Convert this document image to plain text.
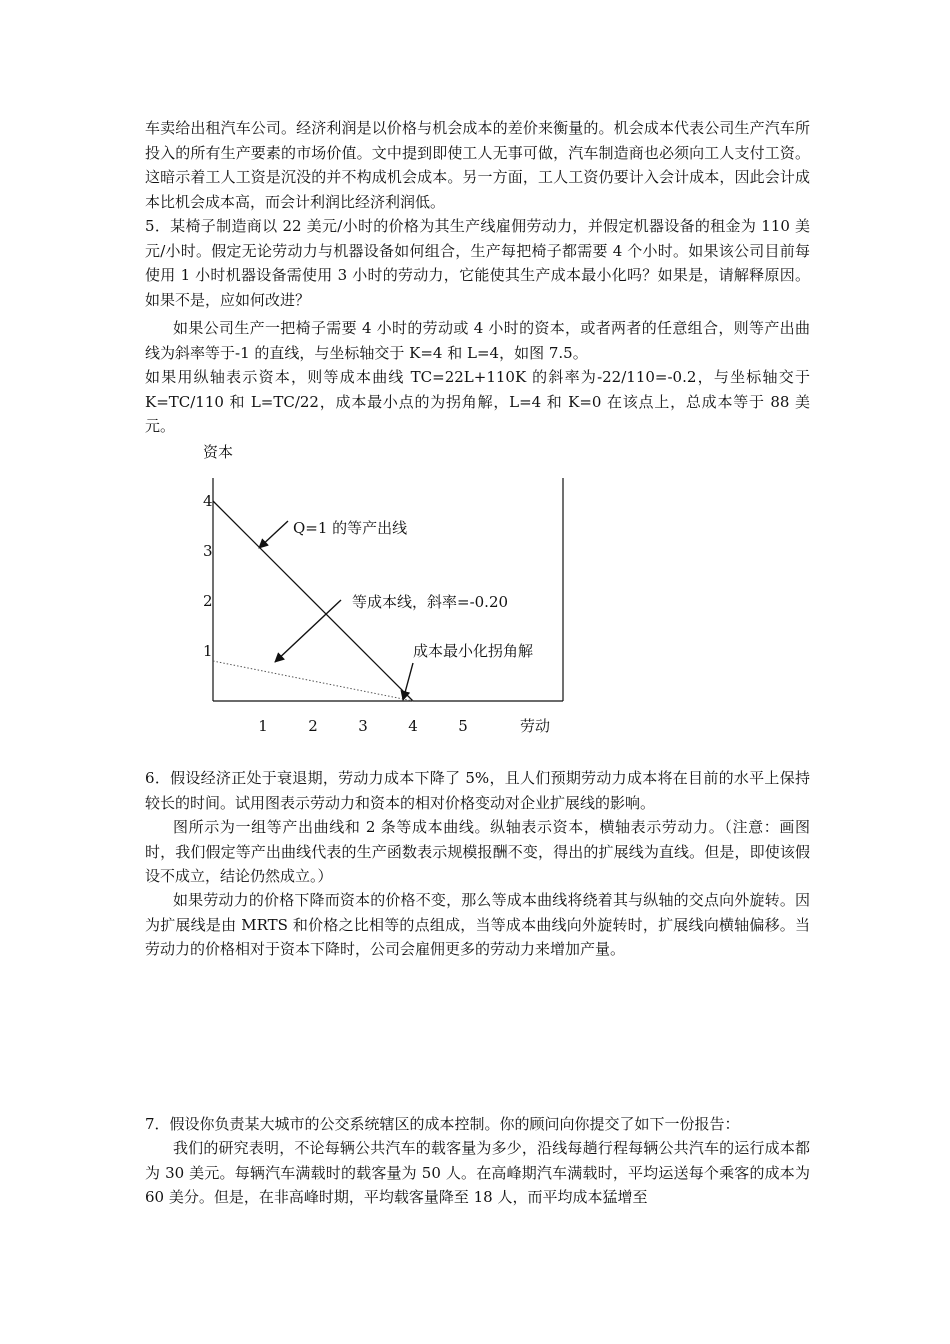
车卖给出租汽车公司。经济利润是以价格与机会成本的差价来衡量的。机会成本代表公司生产汽车所投入的所有生产要素的市场价值。文中提到即使工人无事可做，汽车制造商也必须向工人支付工资。这暗示着工人工资是沉没的并不构成机会成本。另一方面，工人工资仍要计入会计成本，因此会计成本比机会成本高，而会计利润比经济利润低。

5．某椅子制造商以 22 美元/小时的价格为其生产线雇佣劳动力，并假定机器设备的租金为 110 美元/小时。假定无论劳动力与机器设备如何组合，生产每把椅子都需要 4 个小时。如果该公司目前每使用 1 小时机器设备需使用 3 小时的劳动力，它能使其生产成本最小化吗？如果是，请解释原因。如果不是，应如何改进？

如果公司生产一把椅子需要 4 小时的劳动或 4 小时的资本，或者两者的任意组合，则等产出曲线为斜率等于-1 的直线，与坐标轴交于 K=4 和 L=4，如图 7.5。

如果用纵轴表示资本，则等成本曲线 TC=22L+110K 的斜率为-22/110=-0.2，与坐标轴交于 K=TC/110 和 L=TC/22，成本最小点的为拐角解，L=4 和 K=0 在该点上，总成本等于 88 美元。

资本
1
2
3
4
1	2	3	4	5	劳动
Q=1 的等产出线
等成本线，斜率=-0.20
成本最小化拐角解

6．假设经济正处于衰退期，劳动力成本下降了 5%，且人们预期劳动力成本将在目前的水平上保持较长的时间。试用图表示劳动力和资本的相对价格变动对企业扩展线的影响。

图所示为一组等产出曲线和 2 条等成本曲线。纵轴表示资本，横轴表示劳动力。（注意：画图时，我们假定等产出曲线代表的生产函数表示规模报酬不变，得出的扩展线为直线。但是，即使该假设不成立，结论仍然成立。）

如果劳动力的价格下降而资本的价格不变，那么等成本曲线将绕着其与纵轴的交点向外旋转。因为扩展线是由 MRTS 和价格之比相等的点组成，当等成本曲线向外旋转时，扩展线向横轴偏移。当劳动力的价格相对于资本下降时，公司会雇佣更多的劳动力来增加产量。

7．假设你负责某大城市的公交系统辖区的成本控制。你的顾问向你提交了如下一份报告：

我们的研究表明，不论每辆公共汽车的载客量为多少，沿线每趟行程每辆公共汽车的运行成本都为 30 美元。每辆汽车满载时的载客量为 50 人。在高峰期汽车满载时，平均运送每个乘客的成本为 60 美分。但是，在非高峰时期，平均载客量降至 18 人，而平均成本猛增至
